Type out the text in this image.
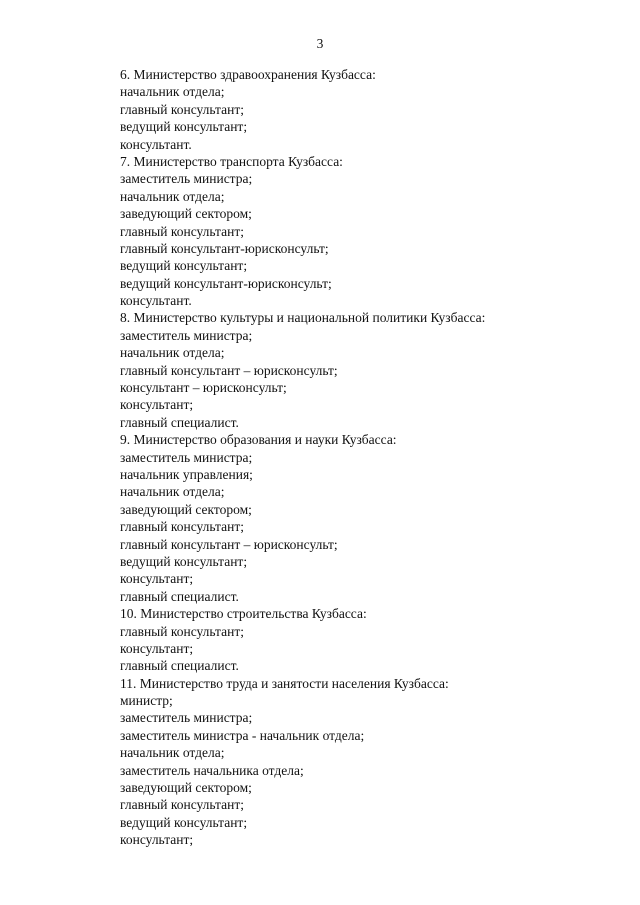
3
6. Министерство здравоохранения Кузбасса:
начальник отдела;
главный консультант;
ведущий консультант;
консультант.
7. Министерство транспорта Кузбасса:
заместитель министра;
начальник отдела;
заведующий сектором;
главный консультант;
главный консультант-юрисконсульт;
ведущий консультант;
ведущий консультант-юрисконсульт;
консультант.
8. Министерство культуры и национальной политики Кузбасса:
заместитель министра;
начальник отдела;
главный консультант – юрисконсульт;
консультант – юрисконсульт;
консультант;
главный специалист.
9. Министерство образования и науки Кузбасса:
заместитель министра;
начальник управления;
начальник отдела;
заведующий сектором;
главный консультант;
главный консультант – юрисконсульт;
ведущий консультант;
консультант;
главный специалист.
10. Министерство строительства Кузбасса:
главный консультант;
консультант;
главный специалист.
11. Министерство труда и занятости населения Кузбасса:
министр;
заместитель министра;
заместитель министра - начальник отдела;
начальник отдела;
заместитель начальника отдела;
заведующий сектором;
главный консультант;
ведущий консультант;
консультант;
